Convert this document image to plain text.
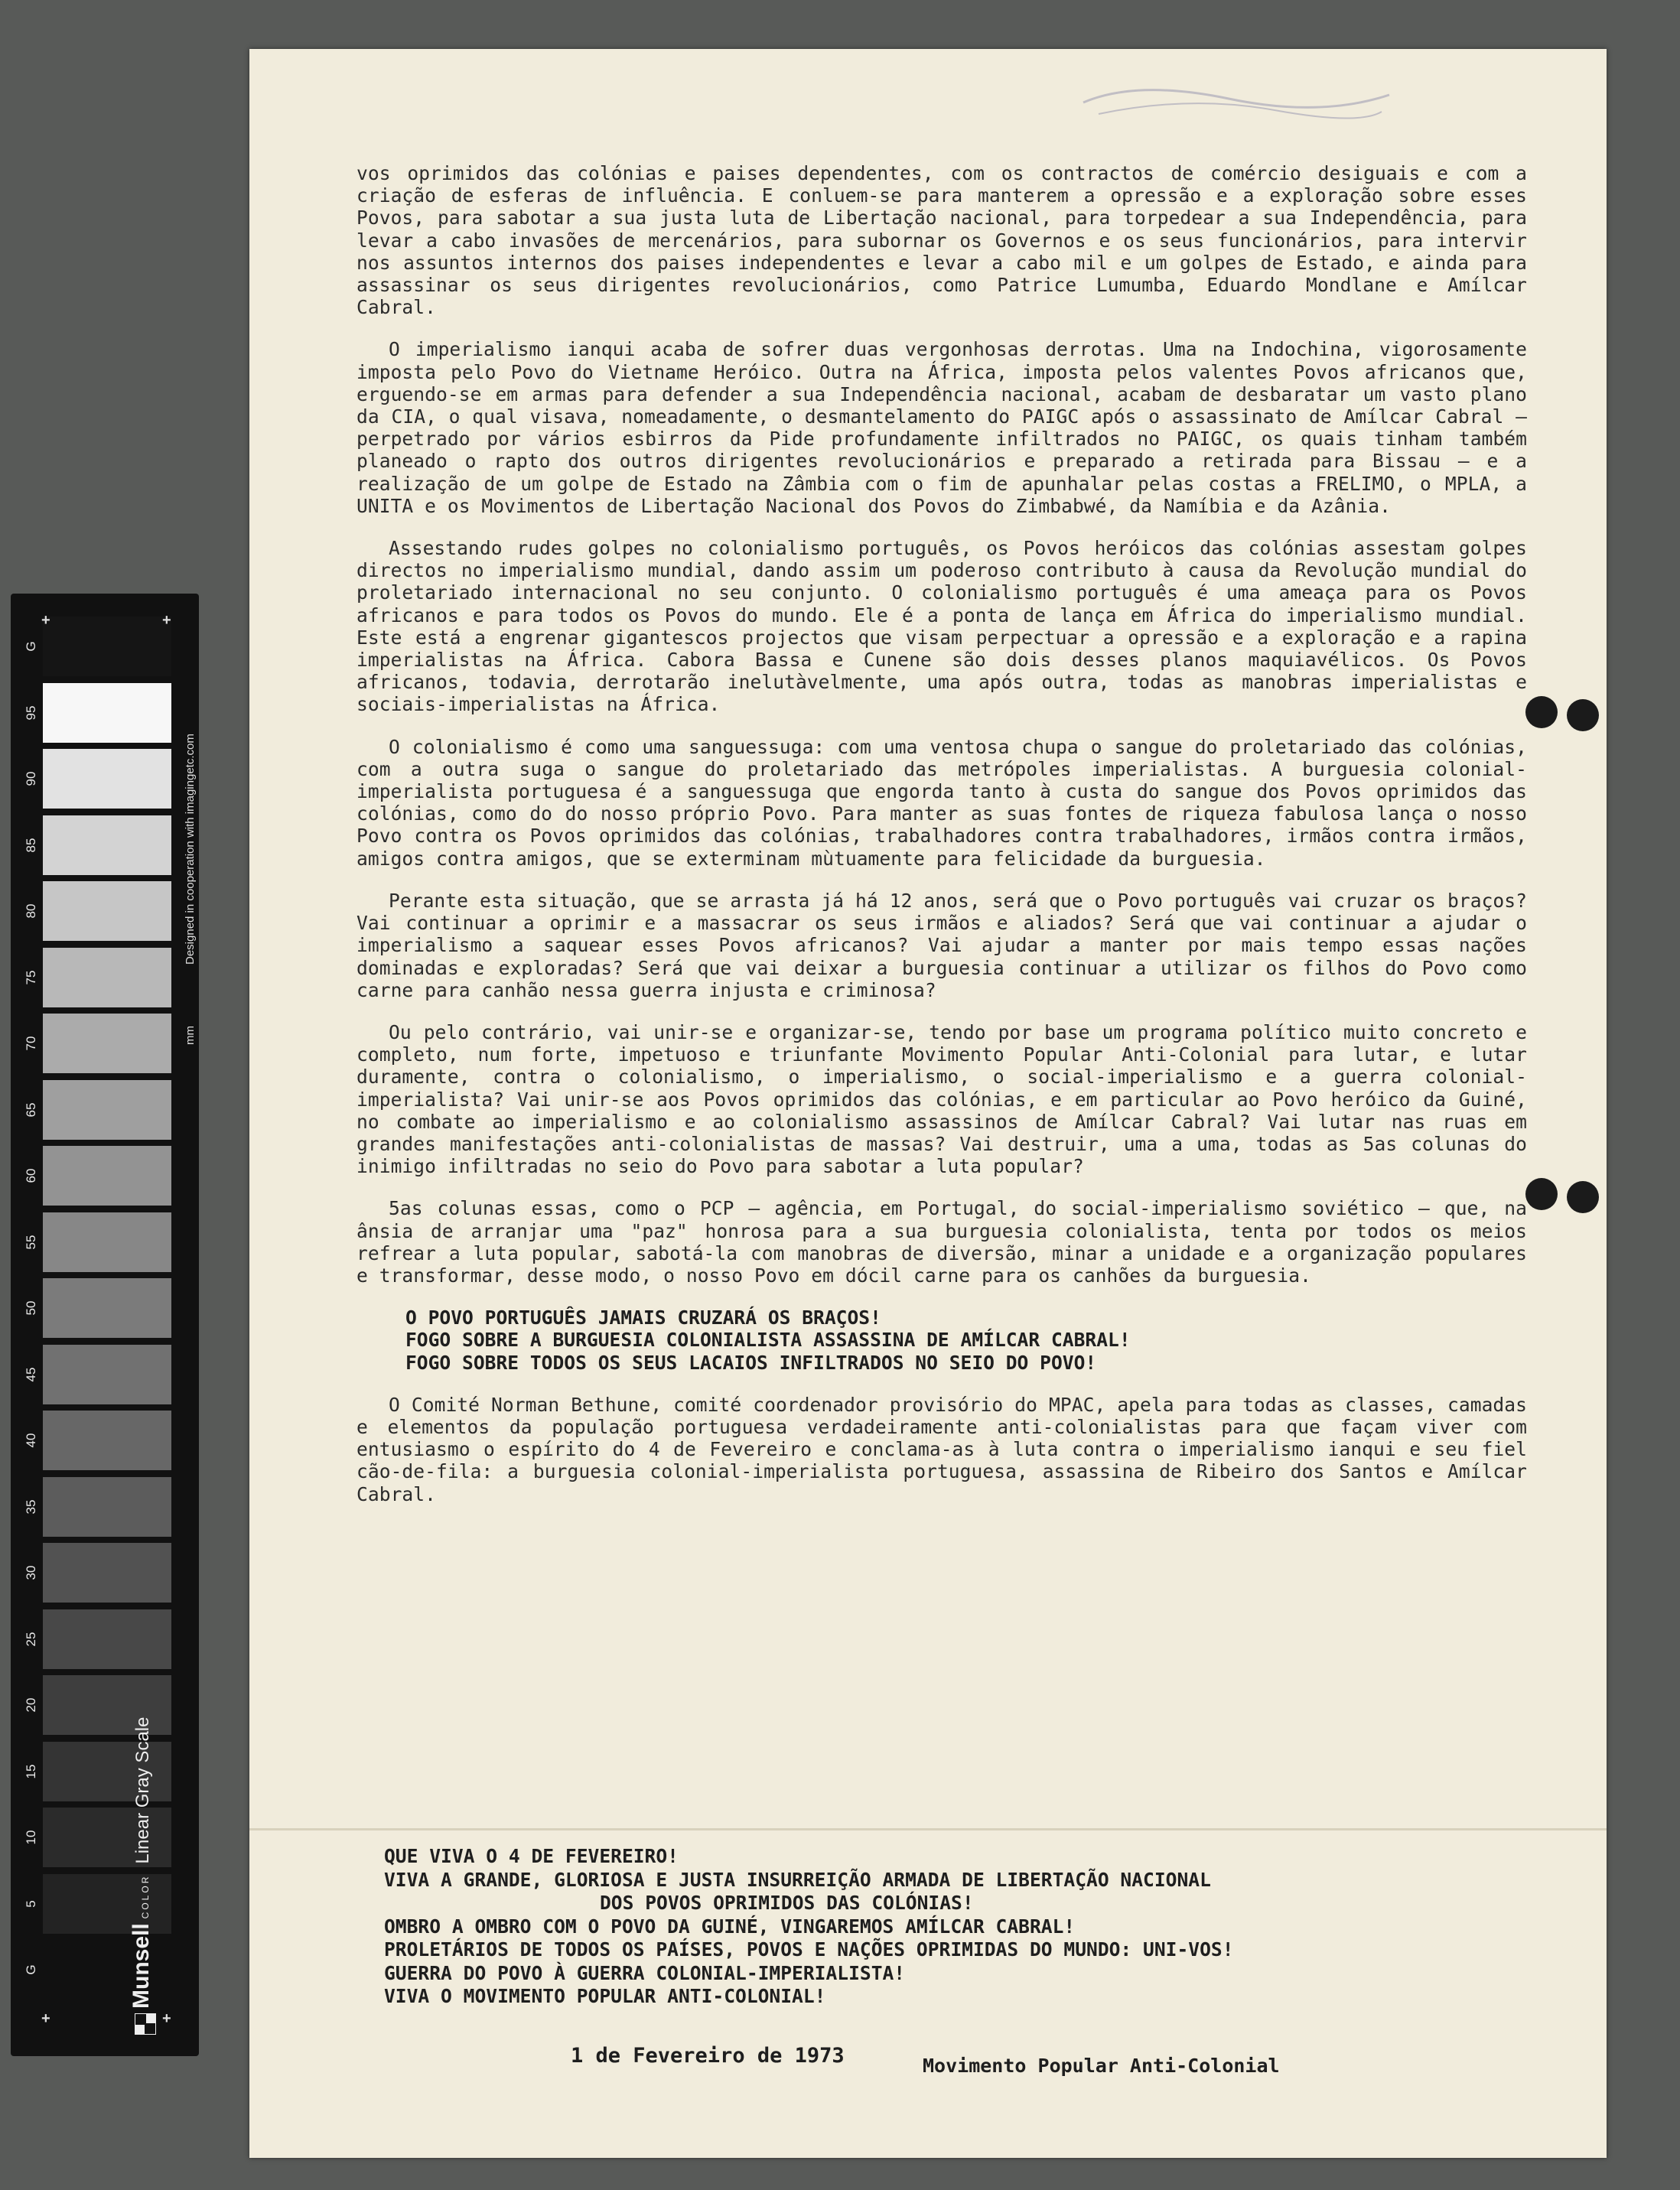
G
95
90
85
80
75
70
65
60
55
50
45
40
35
30
25
20
15
10
5
G
+	+
+	+
Designed in cooperation with imagingetc.com
mm
MunsellCOLORLinear Gray Scale

vos oprimidos das colónias e paises dependentes, com os contractos de comércio desiguais e com a criação de esferas de influência. E conluem-se para manterem a opressão e a exploração sobre esses Povos, para sabotar a sua justa luta de Libertação nacional, para torpedear a sua Independência, para levar a cabo invasões de mercenários, para subornar os Governos e os seus funcionários, para intervir nos assuntos internos dos paises independentes e levar a cabo mil e um golpes de Estado, e ainda para assassinar os seus dirigentes revolucionários, como Patrice Lumumba, Eduardo Mondlane e Amílcar Cabral.

O imperialismo ianqui acaba de sofrer duas vergonhosas derrotas. Uma na Indochina, vigorosamente imposta pelo Povo do Vietname Heróico. Outra na África, imposta pelos valentes Povos africanos que, erguendo-se em armas para defender a sua Independência nacional, acabam de desbaratar um vasto plano da CIA, o qual visava, nomeadamente, o desmantelamento do PAIGC após o assassinato de Amílcar Cabral — perpetrado por vários esbirros da Pide profundamente infiltrados no PAIGC, os quais tinham também planeado o rapto dos outros dirigentes revolucionários e preparado a retirada para Bissau — e a realização de um golpe de Estado na Zâmbia com o fim de apunhalar pelas costas a FRELIMO, o MPLA, a UNITA e os Movimentos de Libertação Nacional dos Povos do Zimbabwé, da Namíbia e da Azânia.

Assestando rudes golpes no colonialismo português, os Povos heróicos das colónias assestam golpes directos no imperialismo mundial, dando assim um poderoso contributo à causa da Revolução mundial do proletariado internacional no seu conjunto. O colonialismo português é uma ameaça para os Povos africanos e para todos os Povos do mundo. Ele é a ponta de lança em África do imperialismo mundial. Este está a engrenar gigantescos projectos que visam perpectuar a opressão e a exploração e a rapina imperialistas na África. Cabora Bassa e Cunene são dois desses planos maquiavélicos. Os Povos africanos, todavia, derrotarão inelutàvelmente, uma após outra, todas as manobras imperialistas e sociais-imperialistas na África.

O colonialismo é como uma sanguessuga: com uma ventosa chupa o sangue do proletariado das colónias, com a outra suga o sangue do proletariado das metrópoles imperialistas. A burguesia colonial-imperialista portuguesa é a sanguessuga que engorda tanto à custa do sangue dos Povos oprimidos das colónias, como do do nosso próprio Povo. Para manter as suas fontes de riqueza fabulosa lança o nosso Povo contra os Povos oprimidos das colónias, trabalhadores contra trabalhadores, irmãos contra irmãos, amigos contra amigos, que se exterminam mùtuamente para felicidade da burguesia.

Perante esta situação, que se arrasta já há 12 anos, será que o Povo português vai cruzar os braços? Vai continuar a oprimir e a massacrar os seus irmãos e aliados? Será que vai continuar a ajudar o imperialismo a saquear esses Povos africanos? Vai ajudar a manter por mais tempo essas nações dominadas e exploradas? Será que vai deixar a burguesia continuar a utilizar os filhos do Povo como carne para canhão nessa guerra injusta e criminosa?

Ou pelo contrário, vai unir-se e organizar-se, tendo por base um programa político muito concreto e completo, num forte, impetuoso e triunfante Movimento Popular Anti-Colonial para lutar, e lutar duramente, contra o colonialismo, o imperialismo, o social-imperialismo e a guerra colonial-imperialista? Vai unir-se aos Povos oprimidos das colónias, e em particular ao Povo heróico da Guiné, no combate ao imperialismo e ao colonialismo assassinos de Amílcar Cabral? Vai lutar nas ruas em grandes manifestações anti-colonialistas de massas? Vai destruir, uma a uma, todas as 5as colunas do inimigo infiltradas no seio do Povo para sabotar a luta popular?

5as colunas essas, como o PCP — agência, em Portugal, do social-imperialismo soviético — que, na ânsia de arranjar uma "paz" honrosa para a sua burguesia colonialista, tenta por todos os meios refrear a luta popular, sabotá-la com manobras de diversão, minar a unidade e a organização populares e transformar, desse modo, o nosso Povo em dócil carne para os canhões da burguesia.

O POVO PORTUGUÊS JAMAIS CRUZARÁ OS BRAÇOS!
FOGO SOBRE A BURGUESIA COLONIALISTA ASSASSINA DE AMÍLCAR CABRAL!
FOGO SOBRE TODOS OS SEUS LACAIOS INFILTRADOS NO SEIO DO POVO!

O Comité Norman Bethune, comité coordenador provisório do MPAC, apela para todas as classes, camadas e elementos da população portuguesa verdadeiramente anti-colonialistas para que façam viver com entusiasmo o espírito do 4 de Fevereiro e conclama-as à luta contra o imperialismo ianqui e seu fiel cão-de-fila: a burguesia colonial-imperialista portuguesa, assassina de Ribeiro dos Santos e Amílcar Cabral.

QUE VIVA O 4 DE FEVEREIRO!
VIVA A GRANDE, GLORIOSA E JUSTA INSURREIÇÃO ARMADA DE LIBERTAÇÃO NACIONAL
DOS POVOS OPRIMIDOS DAS COLÓNIAS!
OMBRO A OMBRO COM O POVO DA GUINÉ, VINGAREMOS AMÍLCAR CABRAL!
PROLETÁRIOS DE TODOS OS PAÍSES, POVOS E NAÇÕES OPRIMIDAS DO MUNDO: UNI-VOS!
GUERRA DO POVO À GUERRA COLONIAL-IMPERIALISTA!
VIVA O MOVIMENTO POPULAR ANTI-COLONIAL!
1 de Fevereiro de 1973	Movimento Popular Anti-Colonial
